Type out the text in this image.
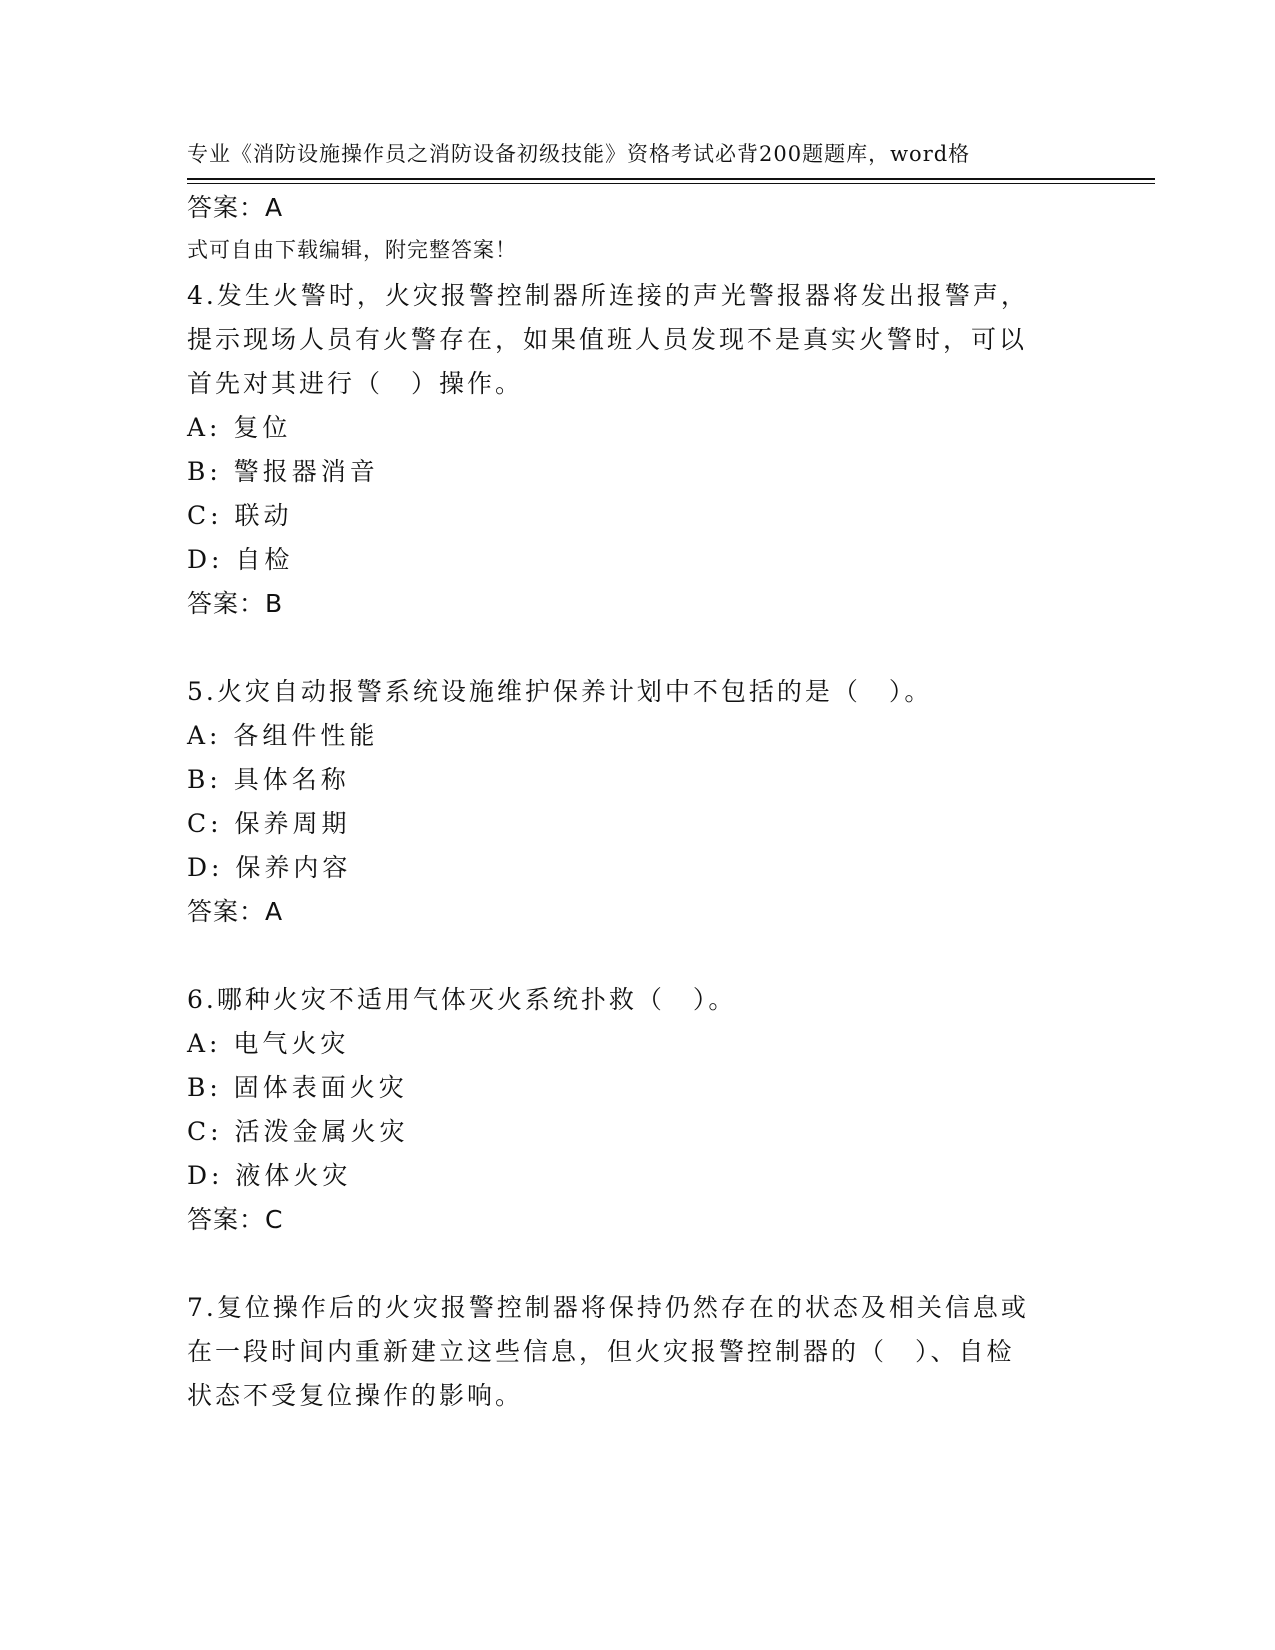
专业《消防设施操作员之消防设备初级技能》资格考试必背200题题库，word格

式可自由下载编辑，附完整答案！

答案：A
4.发生火警时，火灾报警控制器所连接的声光警报器将发出报警声，
提示现场人员有火警存在，如果值班人员发现不是真实火警时，可以
首先对其进行（　）操作。
A: 复位
B: 警报器消音
C: 联动
D: 自检
答案：B
5.火灾自动报警系统设施维护保养计划中不包括的是（　）。
A: 各组件性能
B: 具体名称
C: 保养周期
D: 保养内容
答案：A
6.哪种火灾不适用气体灭火系统扑救（　）。
A: 电气火灾
B: 固体表面火灾
C: 活泼金属火灾
D: 液体火灾
答案：C
7.复位操作后的火灾报警控制器将保持仍然存在的状态及相关信息或
在一段时间内重新建立这些信息，但火灾报警控制器的（　）、自检
状态不受复位操作的影响。
